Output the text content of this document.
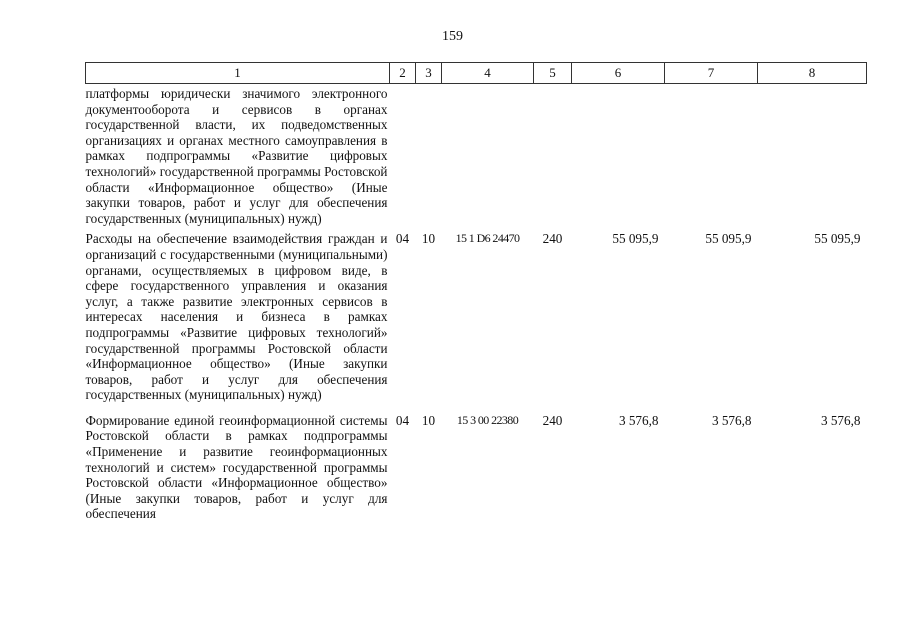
159
1	2	3	4	5	6	7	8
платформы юридически значимого электронного документооборота и сервисов в органах государственной власти, их подведомственных организациях и органах местного самоуправления в рамках подпрограммы «Развитие цифровых технологий» государственной программы Ростовской области «Информационное общество» (Иные закупки товаров, работ и услуг для обеспечения государственных (муниципальных) нужд)							
Расходы на обеспечение взаимодействия граждан и организаций с государственными (муниципальными) органами, осуществляемых в цифровом виде, в сфере государственного управления и оказания услуг, а также развитие электронных сервисов в интересах населения и бизнеса в рамках подпрограммы «Развитие цифровых технологий» государственной программы Ростовской области «Информационное общество» (Иные закупки товаров, работ и услуг для обеспечения государственных (муниципальных) нужд)	04	10	15 1 D6 24470	240	55 095,9	55 095,9	55 095,9
Формирование единой геоинформационной системы Ростовской области в рамках подпрограммы «Применение и развитие геоинформационных технологий и систем» государственной программы Ростовской области «Информационное общество» (Иные закупки товаров, работ и услуг для обеспечения	04	10	15 3 00 22380	240	3 576,8	3 576,8	3 576,8
